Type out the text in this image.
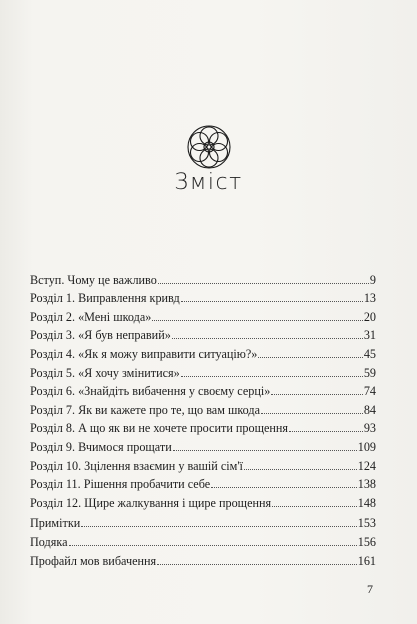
Зміст
Вступ. Чому це важливо	9
Розділ 1. Виправлення кривд	13
Розділ 2. «Мені шкода»	20
Розділ 3. «Я був неправий»	31
Розділ 4. «Як я можу виправити ситуацію?»	45
Розділ 5. «Я хочу змінитися»	59
Розділ 6. «Знайдіть вибачення у своєму серці»	74
Розділ 7. Як ви кажете про те, що вам шкода	84
Розділ 8. А що як ви не хочете просити прощення	93
Розділ 9. Вчимося прощати	109
Розділ 10. Зцілення взаємин у вашій сім'ї	124
Розділ 11. Рішення пробачити себе	138
Розділ 12. Щире жалкування і щире прощення	148
Примітки	153
Подяка	156
Профайл мов вибачення	161
7
